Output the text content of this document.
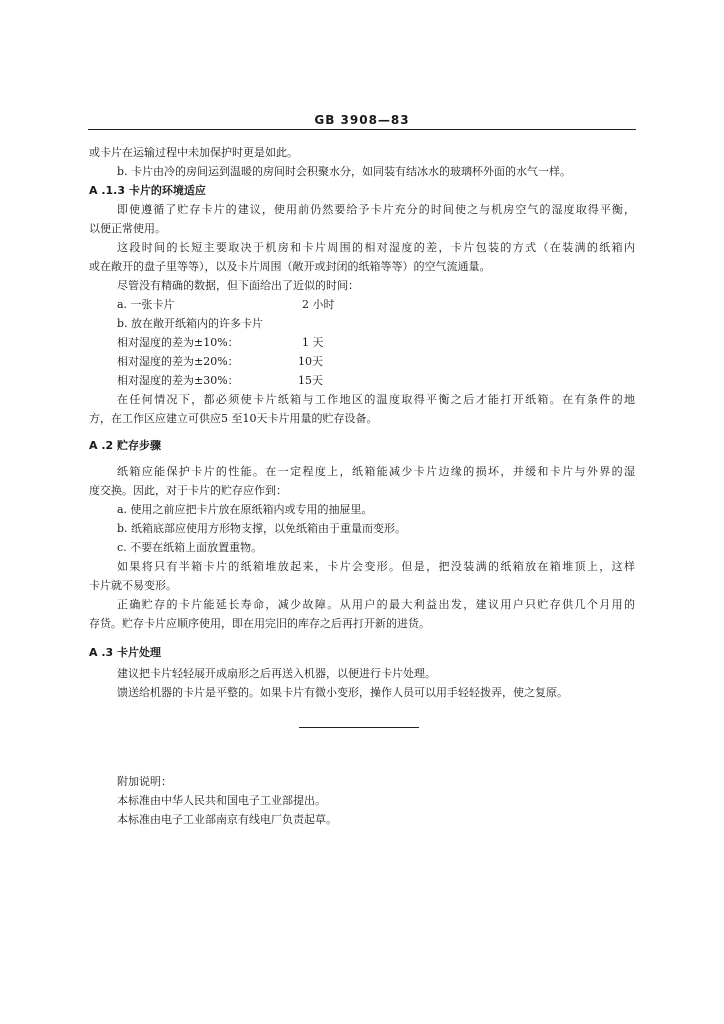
GB 3908—83
或卡片在运输过程中未加保护时更是如此。
b. 卡片由冷的房间运到温暖的房间时会积聚水分，如同装有结冰水的玻璃杯外面的水气一样。
A .1.3 卡片的环境适应
即使遵循了贮存卡片的建议，使用前仍然要给予卡片充分的时间使之与机房空气的湿度取得平衡，
以便正常使用。
这段时间的长短主要取决于机房和卡片周围的相对湿度的差，卡片包装的方式（在装满的纸箱内
或在敞开的盘子里等等），以及卡片周围（敞开或封闭的纸箱等等）的空气流通量。
尽管没有精确的数据，但下面给出了近似的时间：
a. 一张卡片	2 小时
b. 放在敞开纸箱内的许多卡片
相对湿度的差为±10%：	1 天
相对湿度的差为±20%：	10天
相对湿度的差为±30%：	15天
在任何情况下，都必须使卡片纸箱与工作地区的温度取得平衡之后才能打开纸箱。在有条件的地
方，在工作区应建立可供应5 至10天卡片用量的贮存设备。
A .2 贮存步骤
纸箱应能保护卡片的性能。在一定程度上，纸箱能减少卡片边缘的损坏，并缓和卡片与外界的湿
度交换。因此，对于卡片的贮存应作到：
a. 使用之前应把卡片放在原纸箱内或专用的抽屉里。
b. 纸箱底部应使用方形物支撑，以免纸箱由于重量而变形。
c. 不要在纸箱上面放置重物。
如果将只有半箱卡片的纸箱堆放起来，卡片会变形。但是，把没装满的纸箱放在箱堆顶上，这样
卡片就不易变形。
正确贮存的卡片能延长寿命，减少故障。从用户的最大利益出发，建议用户只贮存供几个月用的
存货。贮存卡片应顺序使用，即在用完旧的库存之后再打开新的进货。
A .3 卡片处理
建议把卡片轻轻展开成扇形之后再送入机器，以便进行卡片处理。
馈送给机器的卡片是平整的。如果卡片有微小变形，操作人员可以用手轻轻拨弄，使之复原。
附加说明：
本标准由中华人民共和国电子工业部提出。
本标准由电子工业部南京有线电厂负责起草。
